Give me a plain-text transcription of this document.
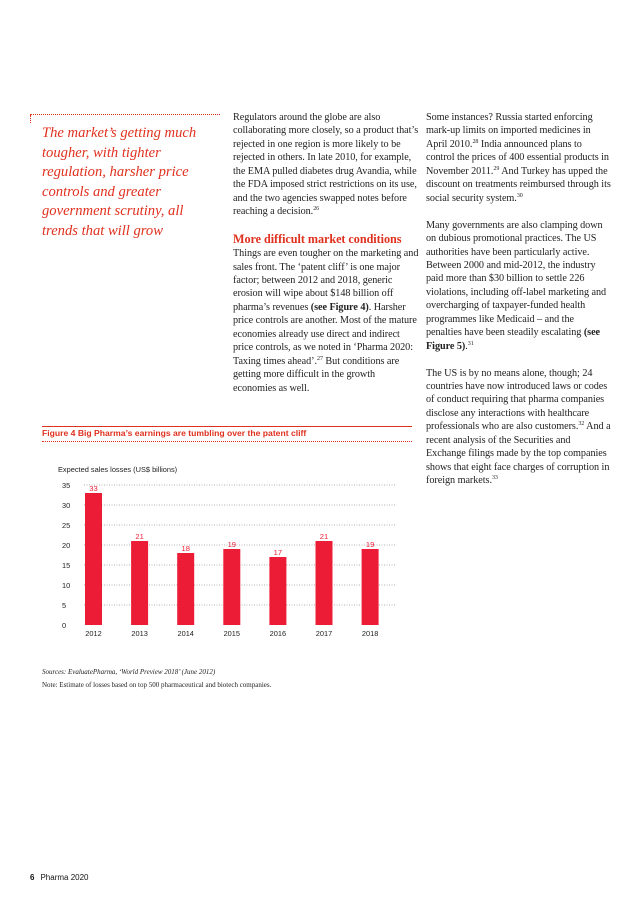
The market’s getting much tougher, with tighter regulation, harsher price controls and greater government scrutiny, all trends that will grow

Regulators around the globe are also collaborating more closely, so a product that’s rejected in one region is more likely to be rejected in others. In late 2010, for example, the EMA pulled diabetes drug Avandia, while the FDA imposed strict restrictions on its use, and the two agencies swapped notes before reaching a decision.$^{26}$

More difficult market conditions

Things are even tougher on the marketing and sales front. The ‘patent cliff’ is one major factor; between 2012 and 2018, generic erosion will wipe about $148 billion off pharma’s revenues (see Figure 4). Harsher price controls are another. Most of the mature economies already use direct and indirect price controls, as we noted in ‘Pharma 2020: Taxing times ahead’.$^{27}$ But conditions are getting more difficult in the growth economies as well.

Some instances? Russia started enforcing mark-up limits on imported medicines in April 2010.28 India announced plans to control the prices of 400 essential products in November 2011.29 And Turkey has upped the discount on treatments reimbursed through its social security system.$^{30}$

Many governments are also clamping down on dubious promotional practices. The US authorities have been particularly active. Between 2000 and mid-2012, the industry paid more than $30 billion to settle 226 violations, including off-label marketing and overcharging of taxpayer-funded health programmes like Medicaid – and the penalties have been steadily escalating (see Figure 5).$^{31}$

The US is by no means alone, though; 24 countries have now introduced laws or codes of conduct requiring that pharma companies disclose any interactions with healthcare professionals who are also customers.$^{32}$ And a recent analysis of the Securities and Exchange filings made by the top companies shows that eight face charges of corruption in foreign markets.$^{33}$

Figure 4 Big Pharma’s earnings are tumbling over the patent cliff
Expected sales losses (US$ billions)
0
5
10
15
20
25
30
35	33
2012
21
2013
18
2014
19
2015
17
2016
21
2017
19
2018
Sources: EvaluatePharma, ‘World Preview 2018’ (June 2012)
Note: Estimate of losses based on top 500 pharmaceutical and biotech companies.
6 Pharma 2020
